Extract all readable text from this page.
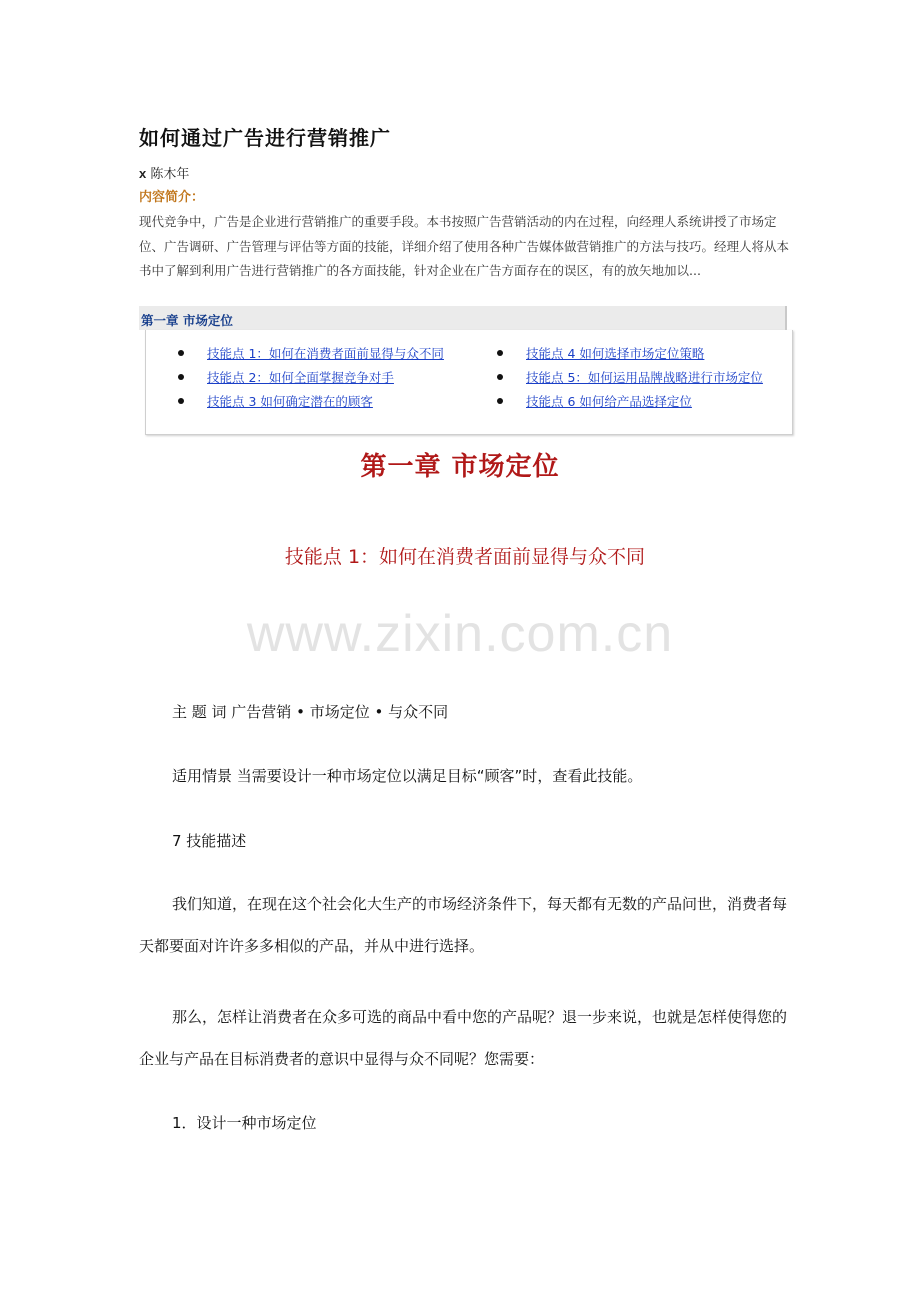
如何通过广告进行营销推广
x 陈木年
内容简介：
现代竞争中，广告是企业进行营销推广的重要手段。本书按照广告营销活动的内在过程，向经理人系统讲授了市场定位、广告调研、广告管理与评估等方面的技能，详细介绍了使用各种广告媒体做营销推广的方法与技巧。经理人将从本书中了解到利用广告进行营销推广的各方面技能，针对企业在广告方面存在的误区，有的放矢地加以...
第一章 市场定位
技能点 1：如何在消费者面前显得与众不同
技能点 2：如何全面掌握竞争对手
技能点 3 如何确定潜在的顾客
技能点 4 如何选择市场定位策略
技能点 5：如何运用品牌战略进行市场定位
技能点 6 如何给产品选择定位
第一章 市场定位
技能点 1：如何在消费者面前显得与众不同
www.zixin.com.cn
主 题 词 广告营销 • 市场定位 • 与众不同
适用情景 当需要设计一种市场定位以满足目标“顾客”时，查看此技能。
7 技能描述
我们知道，在现在这个社会化大生产的市场经济条件下，每天都有无数的产品问世，消费者每天都要面对许许多多相似的产品，并从中进行选择。
那么，怎样让消费者在众多可选的商品中看中您的产品呢？退一步来说，也就是怎样使得您的企业与产品在目标消费者的意识中显得与众不同呢？您需要：
1．设计一种市场定位
